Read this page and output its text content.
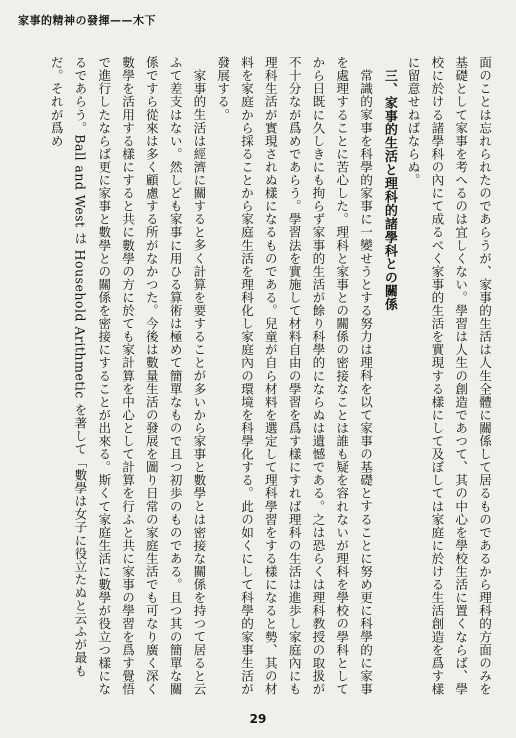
家事的精神の發揮——木下

面のことは忘れられたのであらうが、家事的生活は人生全體に關係して居るものであるから理科的方面のみを基礎として家事を考へるのは宜しくない。學習は人生の創造であつて、其の中心を學校生活に置くならば、學校に於ける諸學科の內にて成るべく家事的生活を實現する樣にして及ぼしては家庭に於ける生活創造を爲す樣に留意せねばならぬ。

三、家事的生活と理科的諸學科との關係

常識的家事を科學的家事に一變せうとする努力は理科を以て家事の基礎とすることに努め更に科學的に家事を處理することに苦心した。理科と家事との關係の密接なことは誰も疑を容れないが理科を學校の學科としてから日既に久しきにも拘らず家事的生活が餘り科學的にならぬは遺憾である。之は恐らくは理科教授の取扱が不十分なが爲めであらう。學習法を實施して材料自由の學習を爲す樣にすれば理科の生活は進歩し家庭內にも理科生活が實現されぬ樣になるものである。兒童が自ら材料を選定して理科學習をする樣になると勢、其の材料を家庭から採ることから家庭生活を理科化し家庭內の環境を科學化する。此の如くにして科學的家事生活が發展する。

家事的生活は經濟に關すると多く計算を要することが多いから家事と數學とは密接な關係を持つて居ると云ふて差支はない。然しども家事に用ひる算術は極めて簡單なもので且つ初歩のものである。且つ其の簡單な關係ですら從來は多く顧慮する所がなかつた。今後は數量生活の發展を圖り日常の家庭生活でも可なり廣く深く數學を活用する樣にすると共に數學の方に於ても家計算を中心として計算を行ふと共に家事の學習を爲す覺悟で進行したならば更に家事と數學との關係を密接にすることが出來る。斯くて家庭生活に數學が役立つ樣になるであらう。Ball and West は Household Arithmetic を著して「數學は女子に役立たぬと云ふが最もだ。それが爲め

29
